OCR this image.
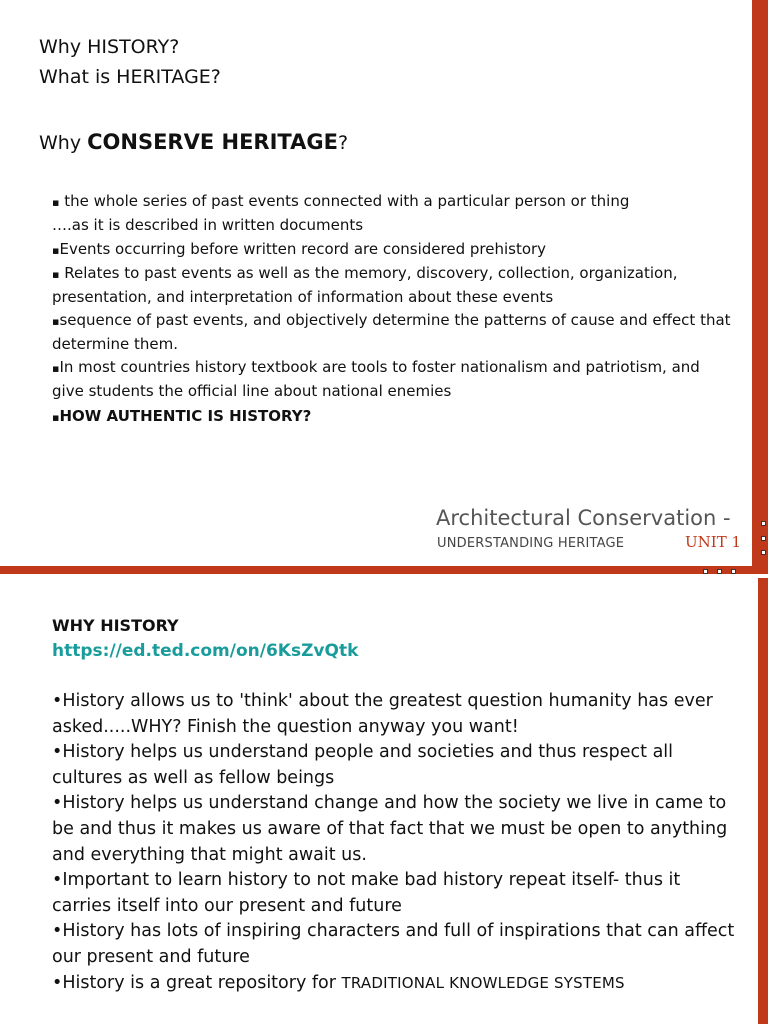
Why HISTORY?
What is HERITAGE?
Why CONSERVE HERITAGE?
▪ the whole series of past events connected with a particular person or thing
….as it is described in written documents
▪Events occurring before written record are considered prehistory
▪ Relates to past events as well as the memory, discovery, collection, organization, presentation, and interpretation of information about these events
▪sequence of past events, and objectively determine the patterns of cause and effect that determine them.
▪In most countries history textbook are tools to foster nationalism and patriotism, and give students the official line about national enemies
▪HOW AUTHENTIC IS HISTORY?
Architectural Conservation -
UNDERSTANDING HERITAGE	UNIT 1
WHY HISTORY
https://ed.ted.com/on/6KsZvQtk
•History allows us to 'think' about the greatest question humanity has ever asked.....WHY? Finish the question anyway you want!
•History helps us understand people and societies and thus respect all cultures as well as fellow beings
•History helps us understand change and how the society we live in came to be and thus it makes us aware of that fact that we must be open to anything and everything that might await us.
•Important to learn history to not make bad history repeat itself- thus it carries itself into our present and future
•History has lots of inspiring characters and full of inspirations that can affect our present and future
•History is a great repository for TRADITIONAL KNOWLEDGE SYSTEMS
